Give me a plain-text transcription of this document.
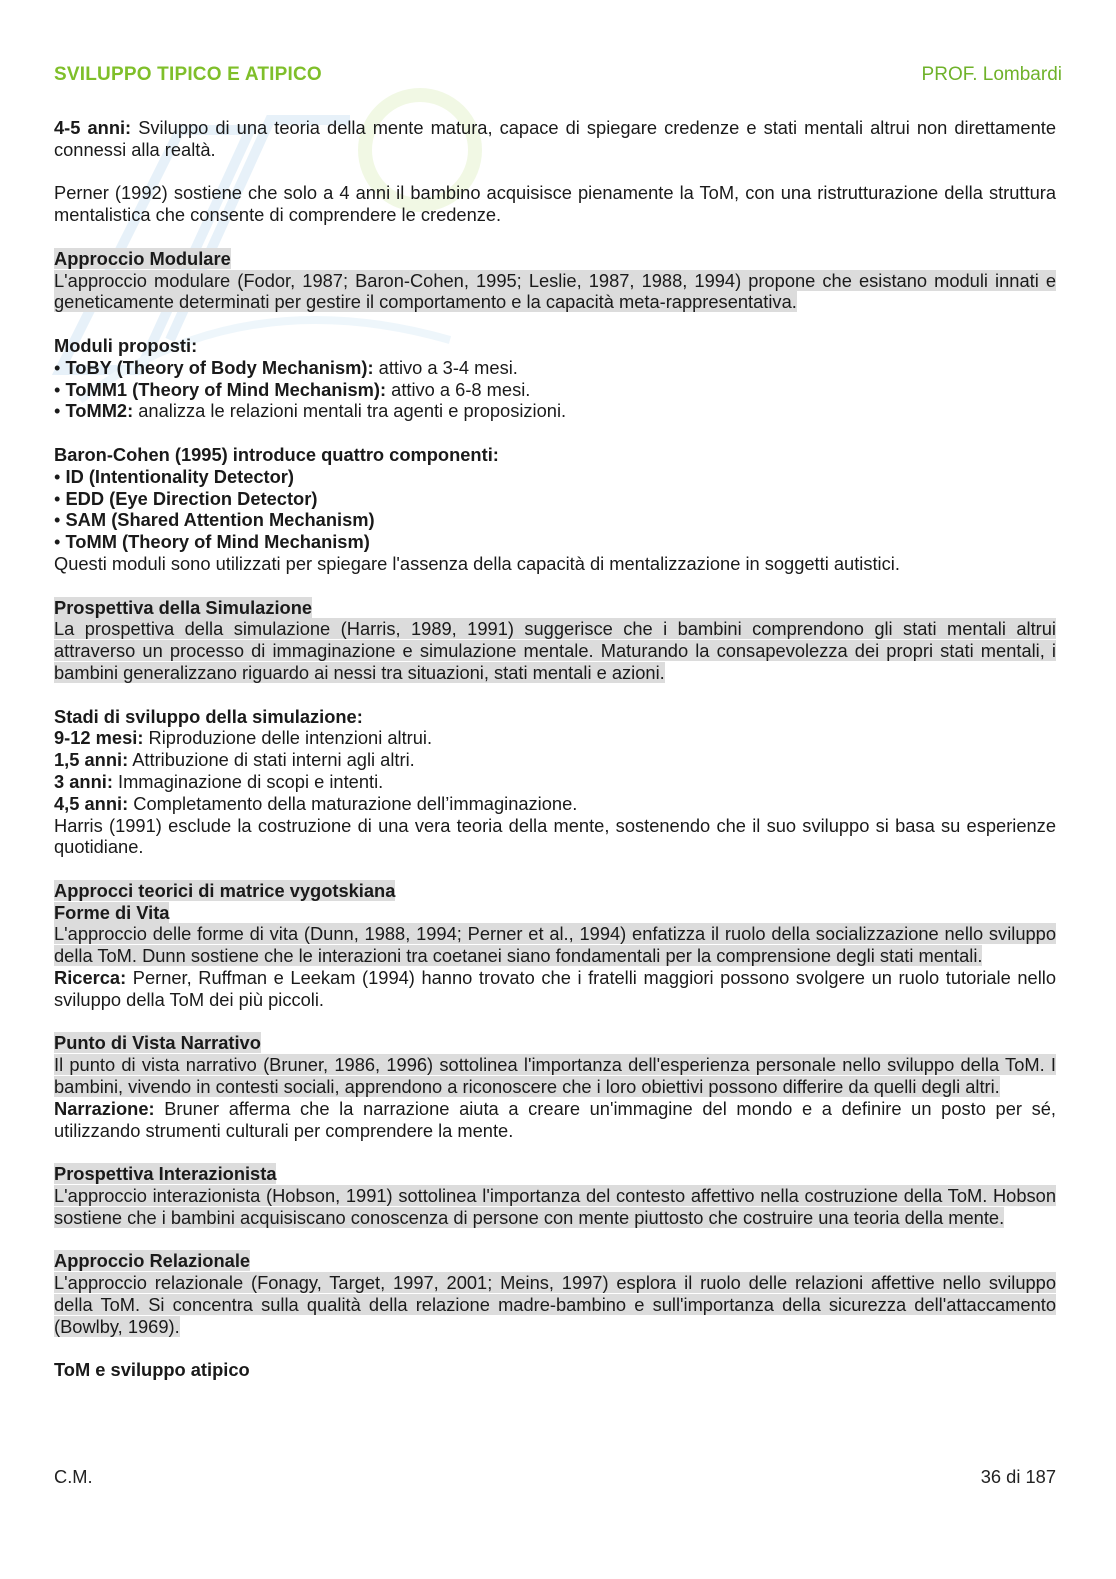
SVILUPPO TIPICO E ATIPICO	PROF. Lombardi

4-5 anni: Sviluppo di una teoria della mente matura, capace di spiegare credenze e stati mentali altrui non direttamente connessi alla realtà.

Perner (1992) sostiene che solo a 4 anni il bambino acquisisce pienamente la ToM, con una ristrutturazione della struttura mentalistica che consente di comprendere le credenze.

Approccio Modulare

L'approccio modulare (Fodor, 1987; Baron-Cohen, 1995; Leslie, 1987, 1988, 1994) propone che esistano moduli innati e geneticamente determinati per gestire il comportamento e la capacità meta-rappresentativa.

Moduli proposti:

• ToBY (Theory of Body Mechanism): attivo a 3-4 mesi.

• ToMM1 (Theory of Mind Mechanism): attivo a 6-8 mesi.

• ToMM2: analizza le relazioni mentali tra agenti e proposizioni.

Baron-Cohen (1995) introduce quattro componenti:

• ID (Intentionality Detector)

• EDD (Eye Direction Detector)

• SAM (Shared Attention Mechanism)

• ToMM (Theory of Mind Mechanism)

Questi moduli sono utilizzati per spiegare l'assenza della capacità di mentalizzazione in soggetti autistici.

Prospettiva della Simulazione

La prospettiva della simulazione (Harris, 1989, 1991) suggerisce che i bambini comprendono gli stati mentali altrui attraverso un processo di immaginazione e simulazione mentale. Maturando la consapevolezza dei propri stati mentali, i bambini generalizzano riguardo ai nessi tra situazioni, stati mentali e azioni.

Stadi di sviluppo della simulazione:

9-12 mesi: Riproduzione delle intenzioni altrui.

1,5 anni: Attribuzione di stati interni agli altri.

3 anni: Immaginazione di scopi e intenti.

4,5 anni: Completamento della maturazione dell’immaginazione.

Harris (1991) esclude la costruzione di una vera teoria della mente, sostenendo che il suo sviluppo si basa su esperienze quotidiane.

Approcci teorici di matrice vygotskiana

Forme di Vita

L'approccio delle forme di vita (Dunn, 1988, 1994; Perner et al., 1994) enfatizza il ruolo della socializzazione nello sviluppo della ToM. Dunn sostiene che le interazioni tra coetanei siano fondamentali per la comprensione degli stati mentali.

Ricerca: Perner, Ruffman e Leekam (1994) hanno trovato che i fratelli maggiori possono svolgere un ruolo tutoriale nello sviluppo della ToM dei più piccoli.

Punto di Vista Narrativo

Il punto di vista narrativo (Bruner, 1986, 1996) sottolinea l'importanza dell'esperienza personale nello sviluppo della ToM. I bambini, vivendo in contesti sociali, apprendono a riconoscere che i loro obiettivi possono differire da quelli degli altri.

Narrazione: Bruner afferma che la narrazione aiuta a creare un'immagine del mondo e a definire un posto per sé, utilizzando strumenti culturali per comprendere la mente.

Prospettiva Interazionista

L'approccio interazionista (Hobson, 1991) sottolinea l'importanza del contesto affettivo nella costruzione della ToM. Hobson sostiene che i bambini acquisiscano conoscenza di persone con mente piuttosto che costruire una teoria della mente.

Approccio Relazionale

L'approccio relazionale (Fonagy, Target, 1997, 2001; Meins, 1997) esplora il ruolo delle relazioni affettive nello sviluppo della ToM. Si concentra sulla qualità della relazione madre-bambino e sull'importanza della sicurezza dell'attaccamento (Bowlby, 1969).

ToM e sviluppo atipico

C.M.	36 di 187
